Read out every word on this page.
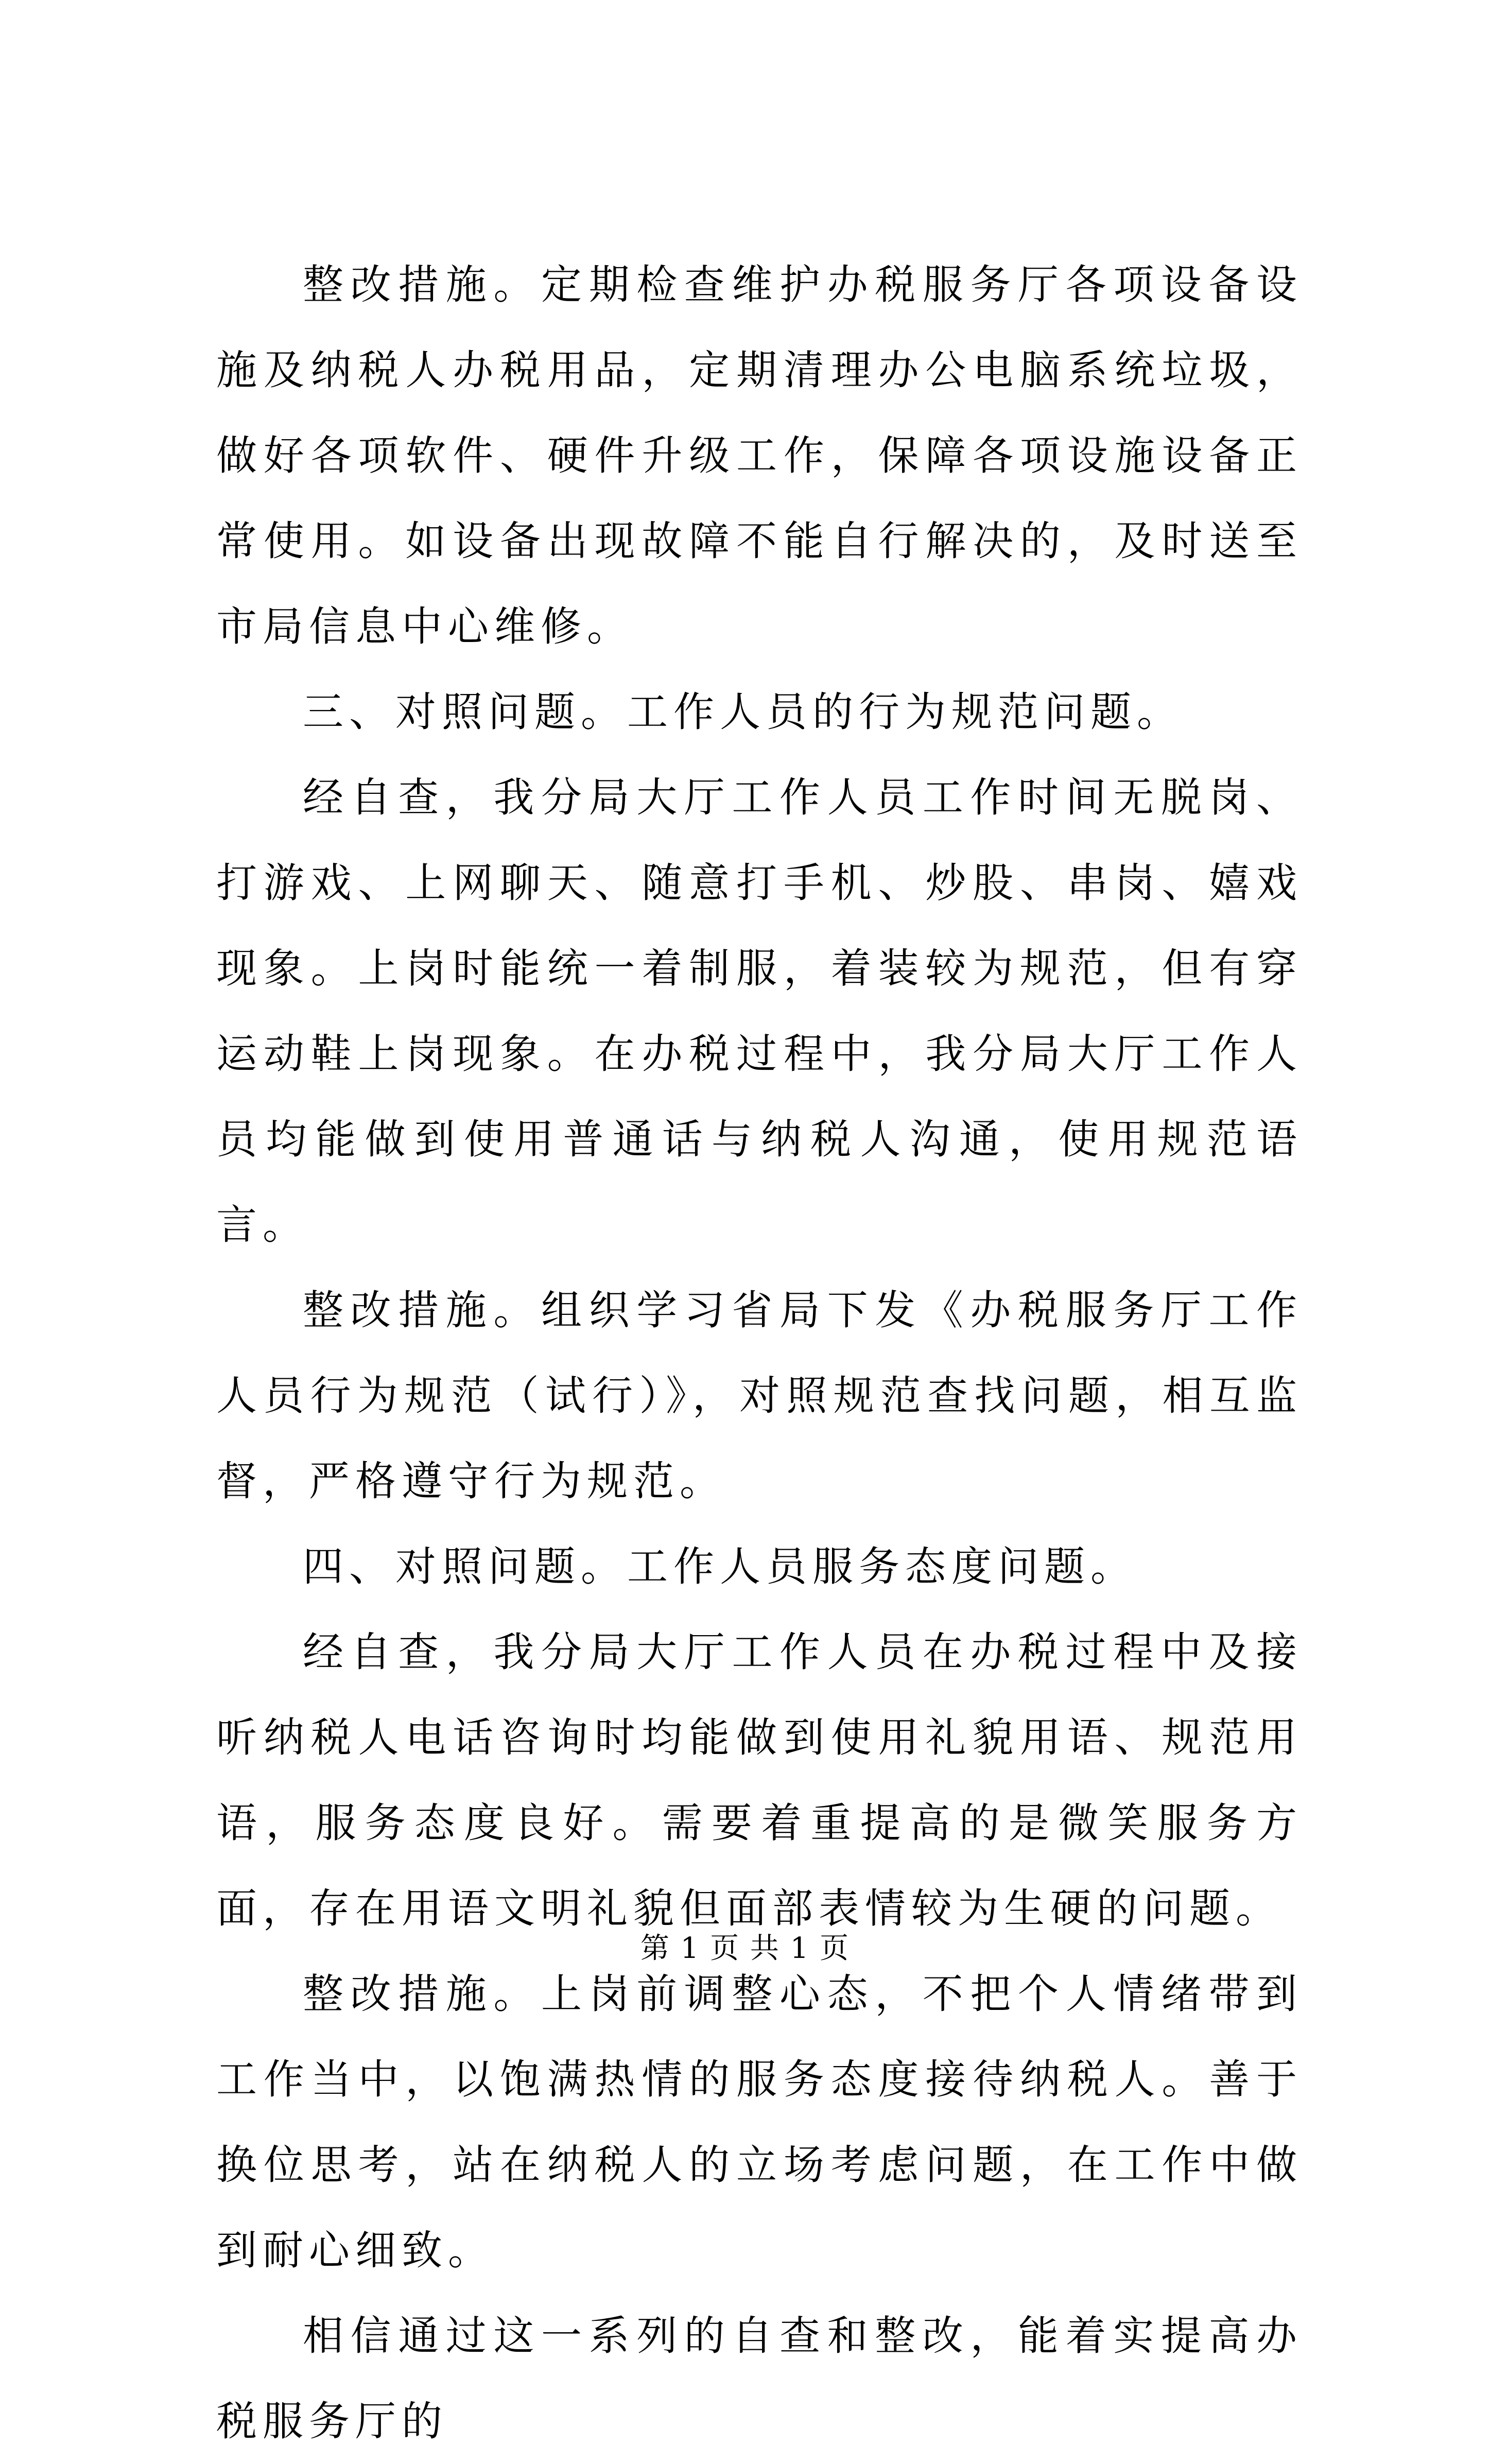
整改措施。定期检查维护办税服务厅各项设备设施及纳税人办税用品，定期清理办公电脑系统垃圾，做好各项软件、硬件升级工作，保障各项设施设备正常使用。如设备出现故障不能自行解决的，及时送至市局信息中心维修。

三、对照问题。工作人员的行为规范问题。

经自查，我分局大厅工作人员工作时间无脱岗、打游戏、上网聊天、随意打手机、炒股、串岗、嬉戏现象。上岗时能统一着制服，着装较为规范，但有穿运动鞋上岗现象。在办税过程中，我分局大厅工作人员均能做到使用普通话与纳税人沟通，使用规范语言。

整改措施。组织学习省局下发《办税服务厅工作人员行为规范（试行）》，对照规范查找问题，相互监督，严格遵守行为规范。

四、对照问题。工作人员服务态度问题。

经自查，我分局大厅工作人员在办税过程中及接听纳税人电话咨询时均能做到使用礼貌用语、规范用语，服务态度良好。需要着重提高的是微笑服务方面，存在用语文明礼貌但面部表情较为生硬的问题。

整改措施。上岗前调整心态，不把个人情绪带到工作当中，以饱满热情的服务态度接待纳税人。善于换位思考，站在纳税人的立场考虑问题，在工作中做到耐心细致。

相信通过这一系列的自查和整改，能着实提高办税服务厅的

第 1 页 共 1 页
